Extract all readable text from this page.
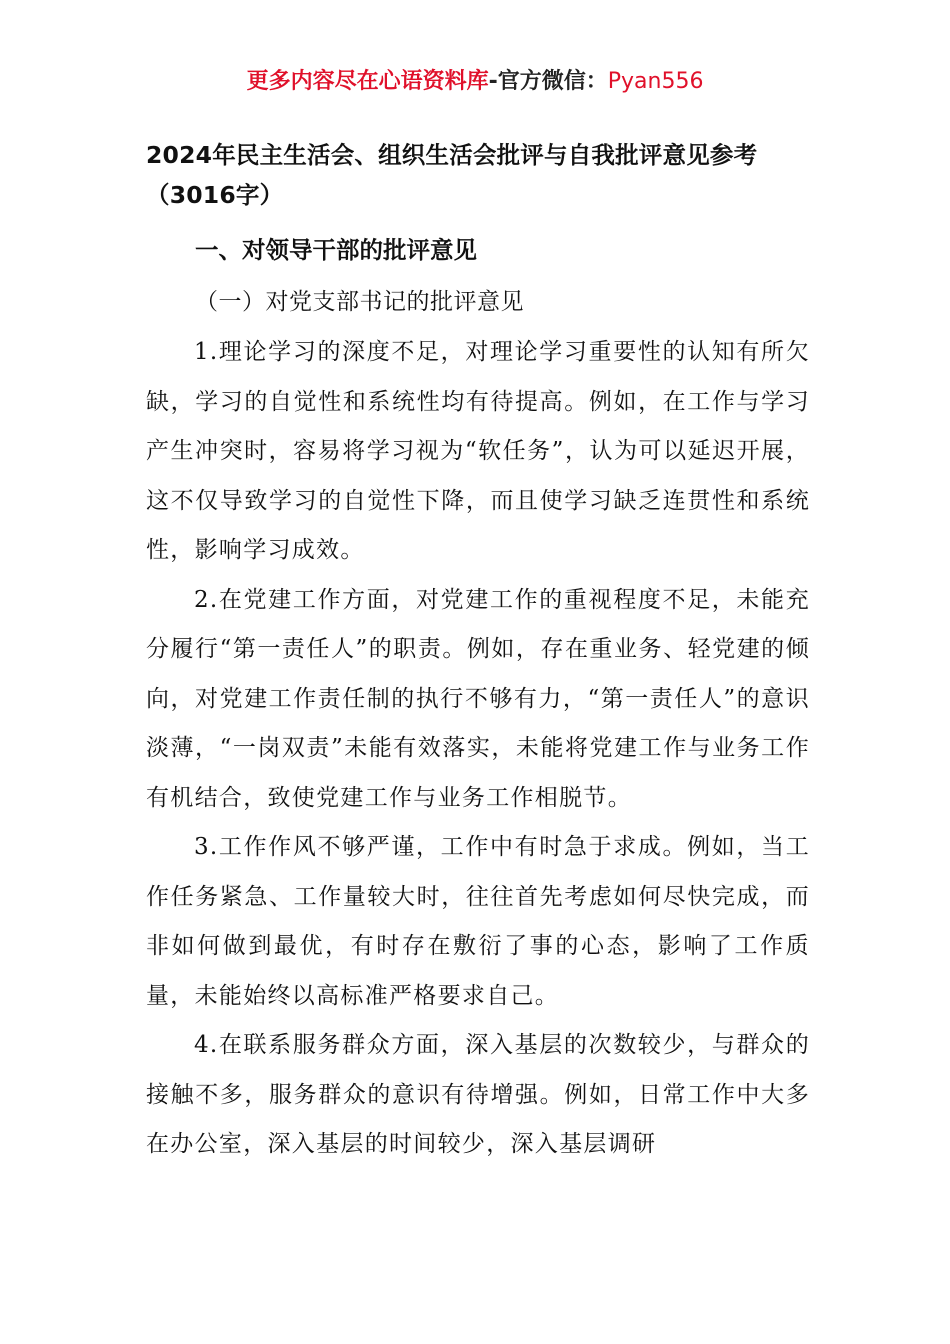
更多内容尽在心语资料库-官方微信：Pyan556
2024年民主生活会、组织生活会批评与自我批评意见参考（3016字）
一、对领导干部的批评意见
（一）对党支部书记的批评意见

1.理论学习的深度不足，对理论学习重要性的认知有所欠缺，学习的自觉性和系统性均有待提高。例如，在工作与学习产生冲突时，容易将学习视为“软任务”，认为可以延迟开展，这不仅导致学习的自觉性下降，而且使学习缺乏连贯性和系统性，影响学习成效。

2.在党建工作方面，对党建工作的重视程度不足，未能充分履行“第一责任人”的职责。例如，存在重业务、轻党建的倾向，对党建工作责任制的执行不够有力，“第一责任人”的意识淡薄，“一岗双责”未能有效落实，未能将党建工作与业务工作有机结合，致使党建工作与业务工作相脱节。

3.工作作风不够严谨，工作中有时急于求成。例如，当工作任务紧急、工作量较大时，往往首先考虑如何尽快完成，而非如何做到最优，有时存在敷衍了事的心态，影响了工作质量，未能始终以高标准严格要求自己。

4.在联系服务群众方面，深入基层的次数较少，与群众的接触不多，服务群众的意识有待增强。例如，日常工作中大多在办公室，深入基层的时间较少，深入基层调研
